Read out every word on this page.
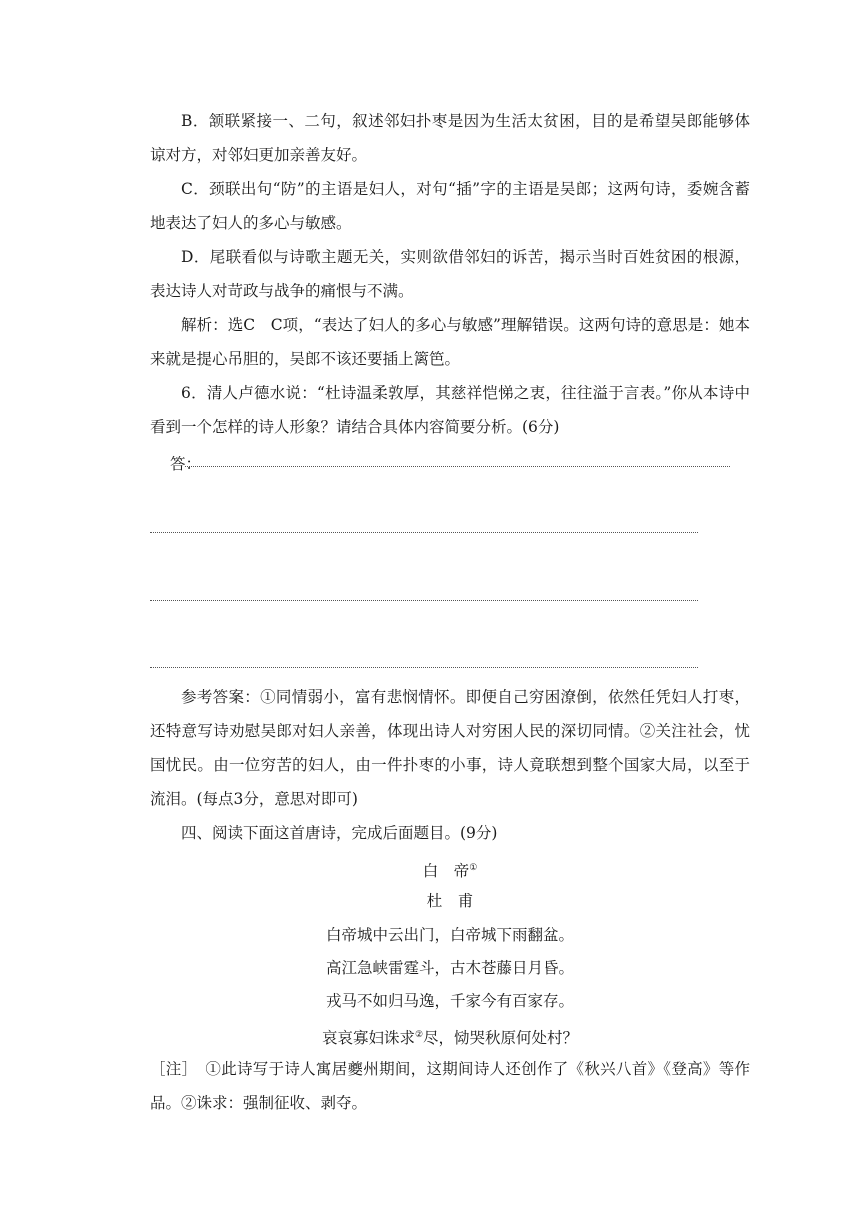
B．颔联紧接一、二句，叙述邻妇扑枣是因为生活太贫困，目的是希望吴郎能够体谅对方，对邻妇更加亲善友好。

C．颈联出句“防”的主语是妇人，对句“插”字的主语是吴郎；这两句诗，委婉含蓄地表达了妇人的多心与敏感。

D．尾联看似与诗歌主题无关，实则欲借邻妇的诉苦，揭示当时百姓贫困的根源，表达诗人对苛政与战争的痛恨与不满。

解析：选C　C项，“表达了妇人的多心与敏感”理解错误。这两句诗的意思是：她本来就是提心吊胆的，吴郎不该还要插上篱笆。

6．清人卢德水说：“杜诗温柔敦厚，其慈祥恺悌之衷，往往溢于言表。”你从本诗中看到一个怎样的诗人形象？请结合具体内容简要分析。(6分)

答：

参考答案：①同情弱小，富有悲悯情怀。即便自己穷困潦倒，依然任凭妇人打枣，还特意写诗劝慰吴郎对妇人亲善，体现出诗人对穷困人民的深切同情。②关注社会，忧国忧民。由一位穷苦的妇人，由一件扑枣的小事，诗人竟联想到整个国家大局，以至于流泪。(每点3分，意思对即可)

四、阅读下面这首唐诗，完成后面题目。(9分)

白　帝①

杜　甫

白帝城中云出门，白帝城下雨翻盆。

高江急峡雷霆斗，古木苍藤日月昏。

戎马不如归马逸，千家今有百家存。

哀哀寡妇诛求②尽，恸哭秋原何处村？

［注］　①此诗写于诗人寓居夔州期间，这期间诗人还创作了《秋兴八首》《登高》等作品。②诛求：强制征收、剥夺。
